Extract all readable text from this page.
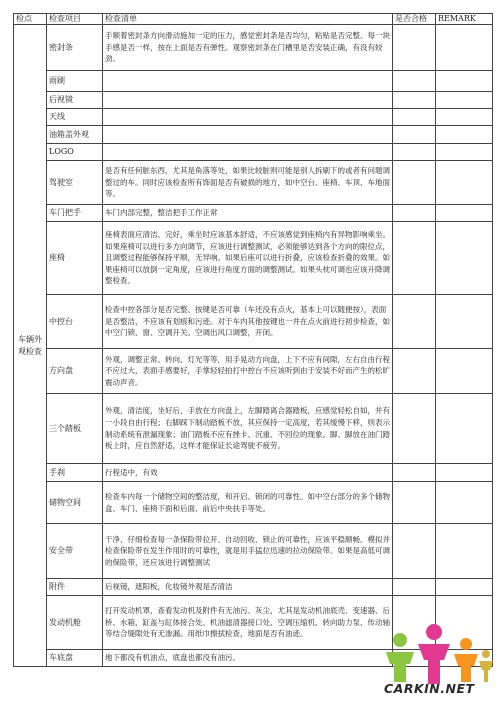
检点	检查项目	检查清单	是否合格	REMARK
车辆外观检查	密封条	手顺着密封条方向滑动施加一定的压力，感觉密封条是否均匀，粘贴是否完整。每一块手感是否一样，按在上面是否有弹性。观察密封条在门槽里是否安装正确，有没有较劲。		
	雨刷			
	后视镜			
	天线			
	油箱盖外观			
	LOGO			
	驾驶室	是否有任何脏东西，尤其是角落等处，如果比较脏则可能是别人拆刷下的或者有问题调整过的车。同时应该检查所有饰面是否有破损的地方，如中空台、座椅、车顶、车地面等。		
	车门把手	车门内部完整，整洁把手工作正常		
	座椅	座椅表面应清洁、完好，乘坐时应该基本舒适，不应该感觉到座椅内有异物影响乘坐。如果座椅可以进行多方向调节，应该进行调整测试，必须能够达到各个方向的限位点，且调整过程能够保持平顺，无异响。如果后座可以进行折叠，应该检查折叠的效果。如果座椅可以放倒一定角度，应该进行角度方面的调整测试。如果头枕可调也应该升降调整检查。		
	中控台	检查中控各部分是否完整、按键是否可靠（车还没有点火，基本上可以随便按），表面是否整洁，不应该有划痕和污迹。对于车内其他按键也一并在点火前进行初步检查，如中空门锁、窗、空调开关。空调出风口调整，开闭。		
	方向盘	外观，调整正常。转向、灯光等等，用手晃动方向盘，上下不应有间隙，左右自由行程不应过大，表面手感要好，手掌轻轻拍打中控台不应该听到由于安装不好而产生的松旷震动声音。		
	三个踏板	外观，清洁度，坐好后，手放在方向盘上，左脚踏离合器踏板，应感觉轻松自如，并有一小段自由行程；右脚踩下制动踏板不放，其应保持一定高度，若其缓慢下移，则表示制动系统有泄漏现象；油门踏板不应有挫卡、沉重、不回位的现象。脚、脚放在油门踏板上时，应自然舒适，这样才能保证长途驾驶不疲劳。		
	手刹	行程适中，有效		
	储物空间	检查车内每一个储物空间的整洁度，和开启、锁闭的可靠性。如中空台部分的多个储物盒、车门、座椅下面和后面、前后中央扶手等处。		
	安全带	干净、仔细检查每一条保险带拉开、自动回收、锁止的可靠性，应该平稳顺畅。模拟并检查保险带在发生作用时的可靠性，就是用手猛拉迅速的拉动保险带。如果是高低可调的保险带，还应该进行调整测试		
	附件	后视镜，遮阳板，化妆镜外观是否清洁		
	发动机舱	打开发动机罩，查看发动机及附件有无油污、灰尘，尤其是发动机油底壳、变速器、后桥、水箱，缸盖与缸体接合处、机油滤清器接口处、空调压缩机、转向助力泵、传动轴等结合缝隙处有无渗漏。用纸巾擦拭检查，地面是否有油迹。		
	车底盘	地下都没有机油点，底盘也都没有油污。		
CARKIN.NET
